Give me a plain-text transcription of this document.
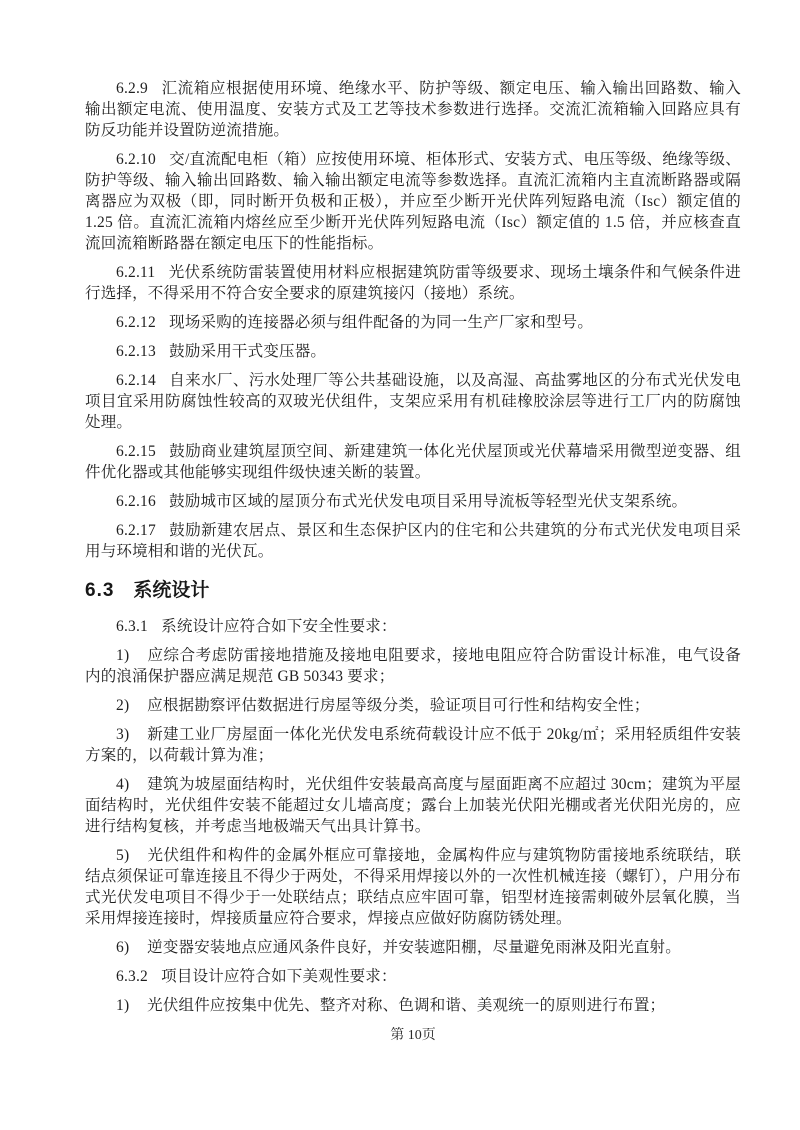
6.2.9 汇流箱应根据使用环境、绝缘水平、防护等级、额定电压、输入输出回路数、输入输出额定电流、使用温度、安装方式及工艺等技术参数进行选择。交流汇流箱输入回路应具有防反功能并设置防逆流措施。

6.2.10 交/直流配电柜（箱）应按使用环境、柜体形式、安装方式、电压等级、绝缘等级、防护等级、输入输出回路数、输入输出额定电流等参数选择。直流汇流箱内主直流断路器或隔离器应为双极（即，同时断开负极和正极），并应至少断开光伏阵列短路电流（Isc）额定值的 1.25 倍。直流汇流箱内熔丝应至少断开光伏阵列短路电流（Isc）额定值的 1.5 倍，并应核查直流回流箱断路器在额定电压下的性能指标。

6.2.11 光伏系统防雷装置使用材料应根据建筑防雷等级要求、现场土壤条件和气候条件进行选择，不得采用不符合安全要求的原建筑接闪（接地）系统。

6.2.12 现场采购的连接器必须与组件配备的为同一生产厂家和型号。

6.2.13 鼓励采用干式变压器。

6.2.14 自来水厂、污水处理厂等公共基础设施，以及高湿、高盐雾地区的分布式光伏发电项目宜采用防腐蚀性较高的双玻光伏组件，支架应采用有机硅橡胶涂层等进行工厂内的防腐蚀处理。

6.2.15 鼓励商业建筑屋顶空间、新建建筑一体化光伏屋顶或光伏幕墙采用微型逆变器、组件优化器或其他能够实现组件级快速关断的装置。

6.2.16 鼓励城市区域的屋顶分布式光伏发电项目采用导流板等轻型光伏支架系统。

6.2.17 鼓励新建农居点、景区和生态保护区内的住宅和公共建筑的分布式光伏发电项目采用与环境相和谐的光伏瓦。

6.3 系统设计

6.3.1 系统设计应符合如下安全性要求：

1) 应综合考虑防雷接地措施及接地电阻要求，接地电阻应符合防雷设计标准，电气设备内的浪涌保护器应满足规范 GB 50343 要求；

2) 应根据勘察评估数据进行房屋等级分类，验证项目可行性和结构安全性；

3) 新建工业厂房屋面一体化光伏发电系统荷载设计应不低于 20kg/㎡；采用轻质组件安装方案的，以荷载计算为准；

4) 建筑为坡屋面结构时，光伏组件安装最高高度与屋面距离不应超过 30cm；建筑为平屋面结构时，光伏组件安装不能超过女儿墙高度；露台上加装光伏阳光棚或者光伏阳光房的，应进行结构复核，并考虑当地极端天气出具计算书。

5) 光伏组件和构件的金属外框应可靠接地，金属构件应与建筑物防雷接地系统联结，联结点须保证可靠连接且不得少于两处，不得采用焊接以外的一次性机械连接（螺钉），户用分布式光伏发电项目不得少于一处联结点；联结点应牢固可靠，铝型材连接需刺破外层氧化膜，当采用焊接连接时，焊接质量应符合要求，焊接点应做好防腐防锈处理。

6) 逆变器安装地点应通风条件良好，并安装遮阳棚，尽量避免雨淋及阳光直射。

6.3.2 项目设计应符合如下美观性要求：

1) 光伏组件应按集中优先、整齐对称、色调和谐、美观统一的原则进行布置；

第 10页
